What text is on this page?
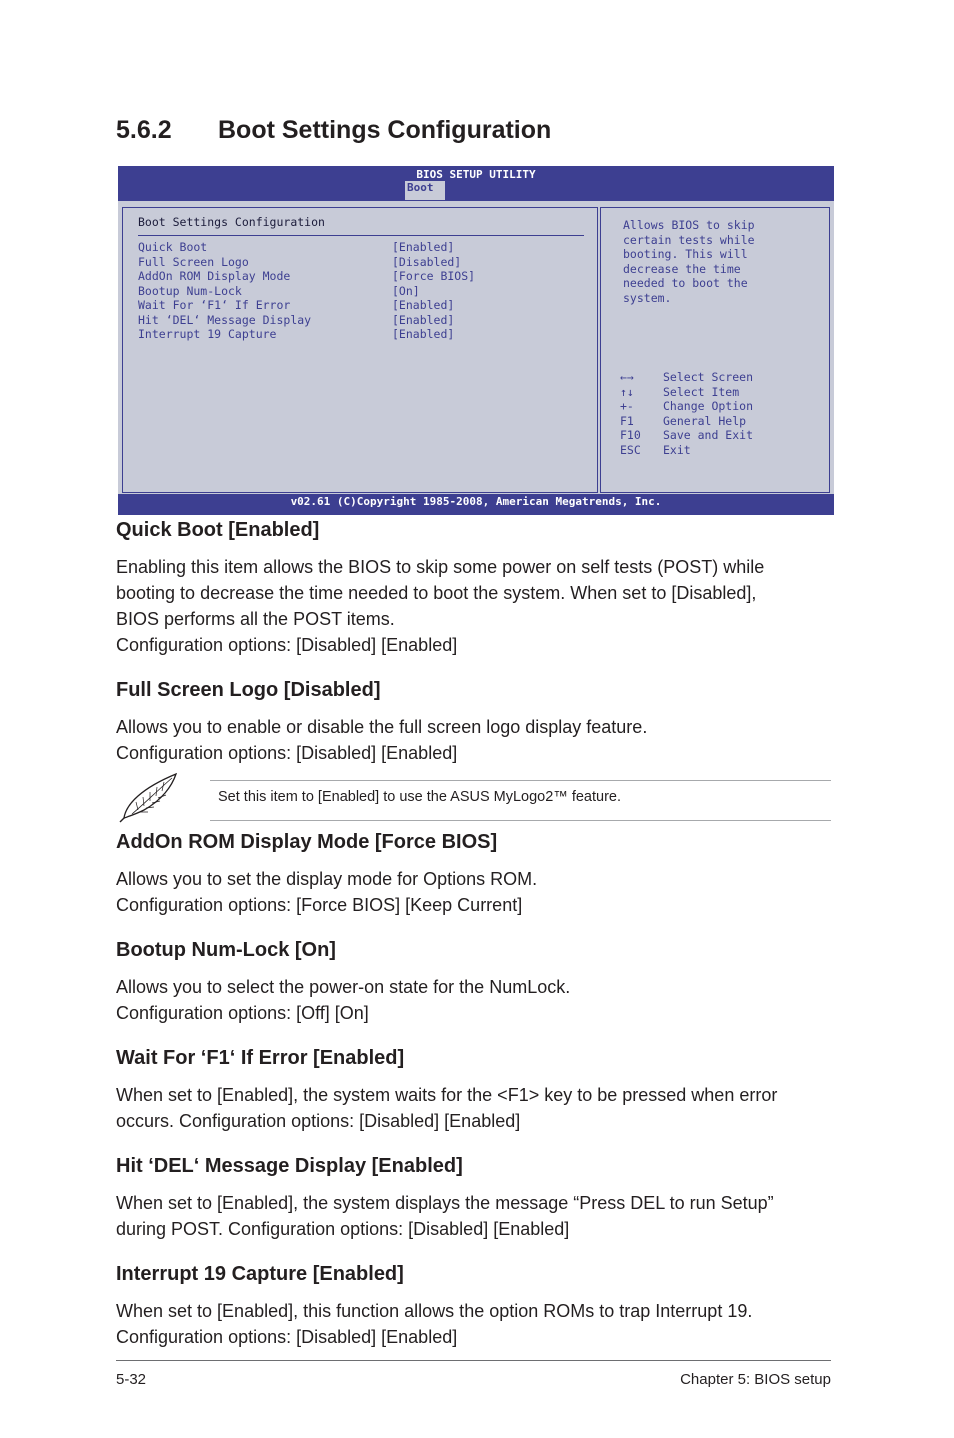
5.6.2 Boot Settings Configuration
BIOS SETUP UTILITY
Boot
Boot Settings Configuration
Quick Boot	[Enabled]
Full Screen Logo	[Disabled]
AddOn ROM Display Mode	[Force BIOS]
Bootup Num-Lock	[On]
Wait For ‘F1‘ If Error	[Enabled]
Hit ‘DEL‘ Message Display	[Enabled]
Interrupt 19 Capture	[Enabled]
Allows BIOS to skip
certain tests while
booting. This will
decrease the time
needed to boot the
system.
←→	Select Screen
↑↓	Select Item
+-	Change Option
F1	General Help
F10 Save and Exit
ESC Exit
v02.61 (C)Copyright 1985-2008, American Megatrends, Inc.
Quick Boot [Enabled]

Enabling this item allows the BIOS to skip some power on self tests (POST) while
booting to decrease the time needed to boot the system. When set to [Disabled],
BIOS performs all the POST items.
Configuration options: [Disabled] [Enabled]

Full Screen Logo [Disabled]

Allows you to enable or disable the full screen logo display feature.
Configuration options: [Disabled] [Enabled]

Set this item to [Enabled] to use the ASUS MyLogo2™ feature.
AddOn ROM Display Mode [Force BIOS]

Allows you to set the display mode for Options ROM.
Configuration options: [Force BIOS] [Keep Current]

Bootup Num-Lock [On]

Allows you to select the power-on state for the NumLock.
Configuration options: [Off] [On]

Wait For ‘F1‘ If Error [Enabled]

When set to [Enabled], the system waits for the <F1> key to be pressed when error
occurs. Configuration options: [Disabled] [Enabled]

Hit ‘DEL‘ Message Display [Enabled]

When set to [Enabled], the system displays the message “Press DEL to run Setup”
during POST. Configuration options: [Disabled] [Enabled]

Interrupt 19 Capture [Enabled]

When set to [Enabled], this function allows the option ROMs to trap Interrupt 19.
Configuration options: [Disabled] [Enabled]

5-32	Chapter 5: BIOS setup
